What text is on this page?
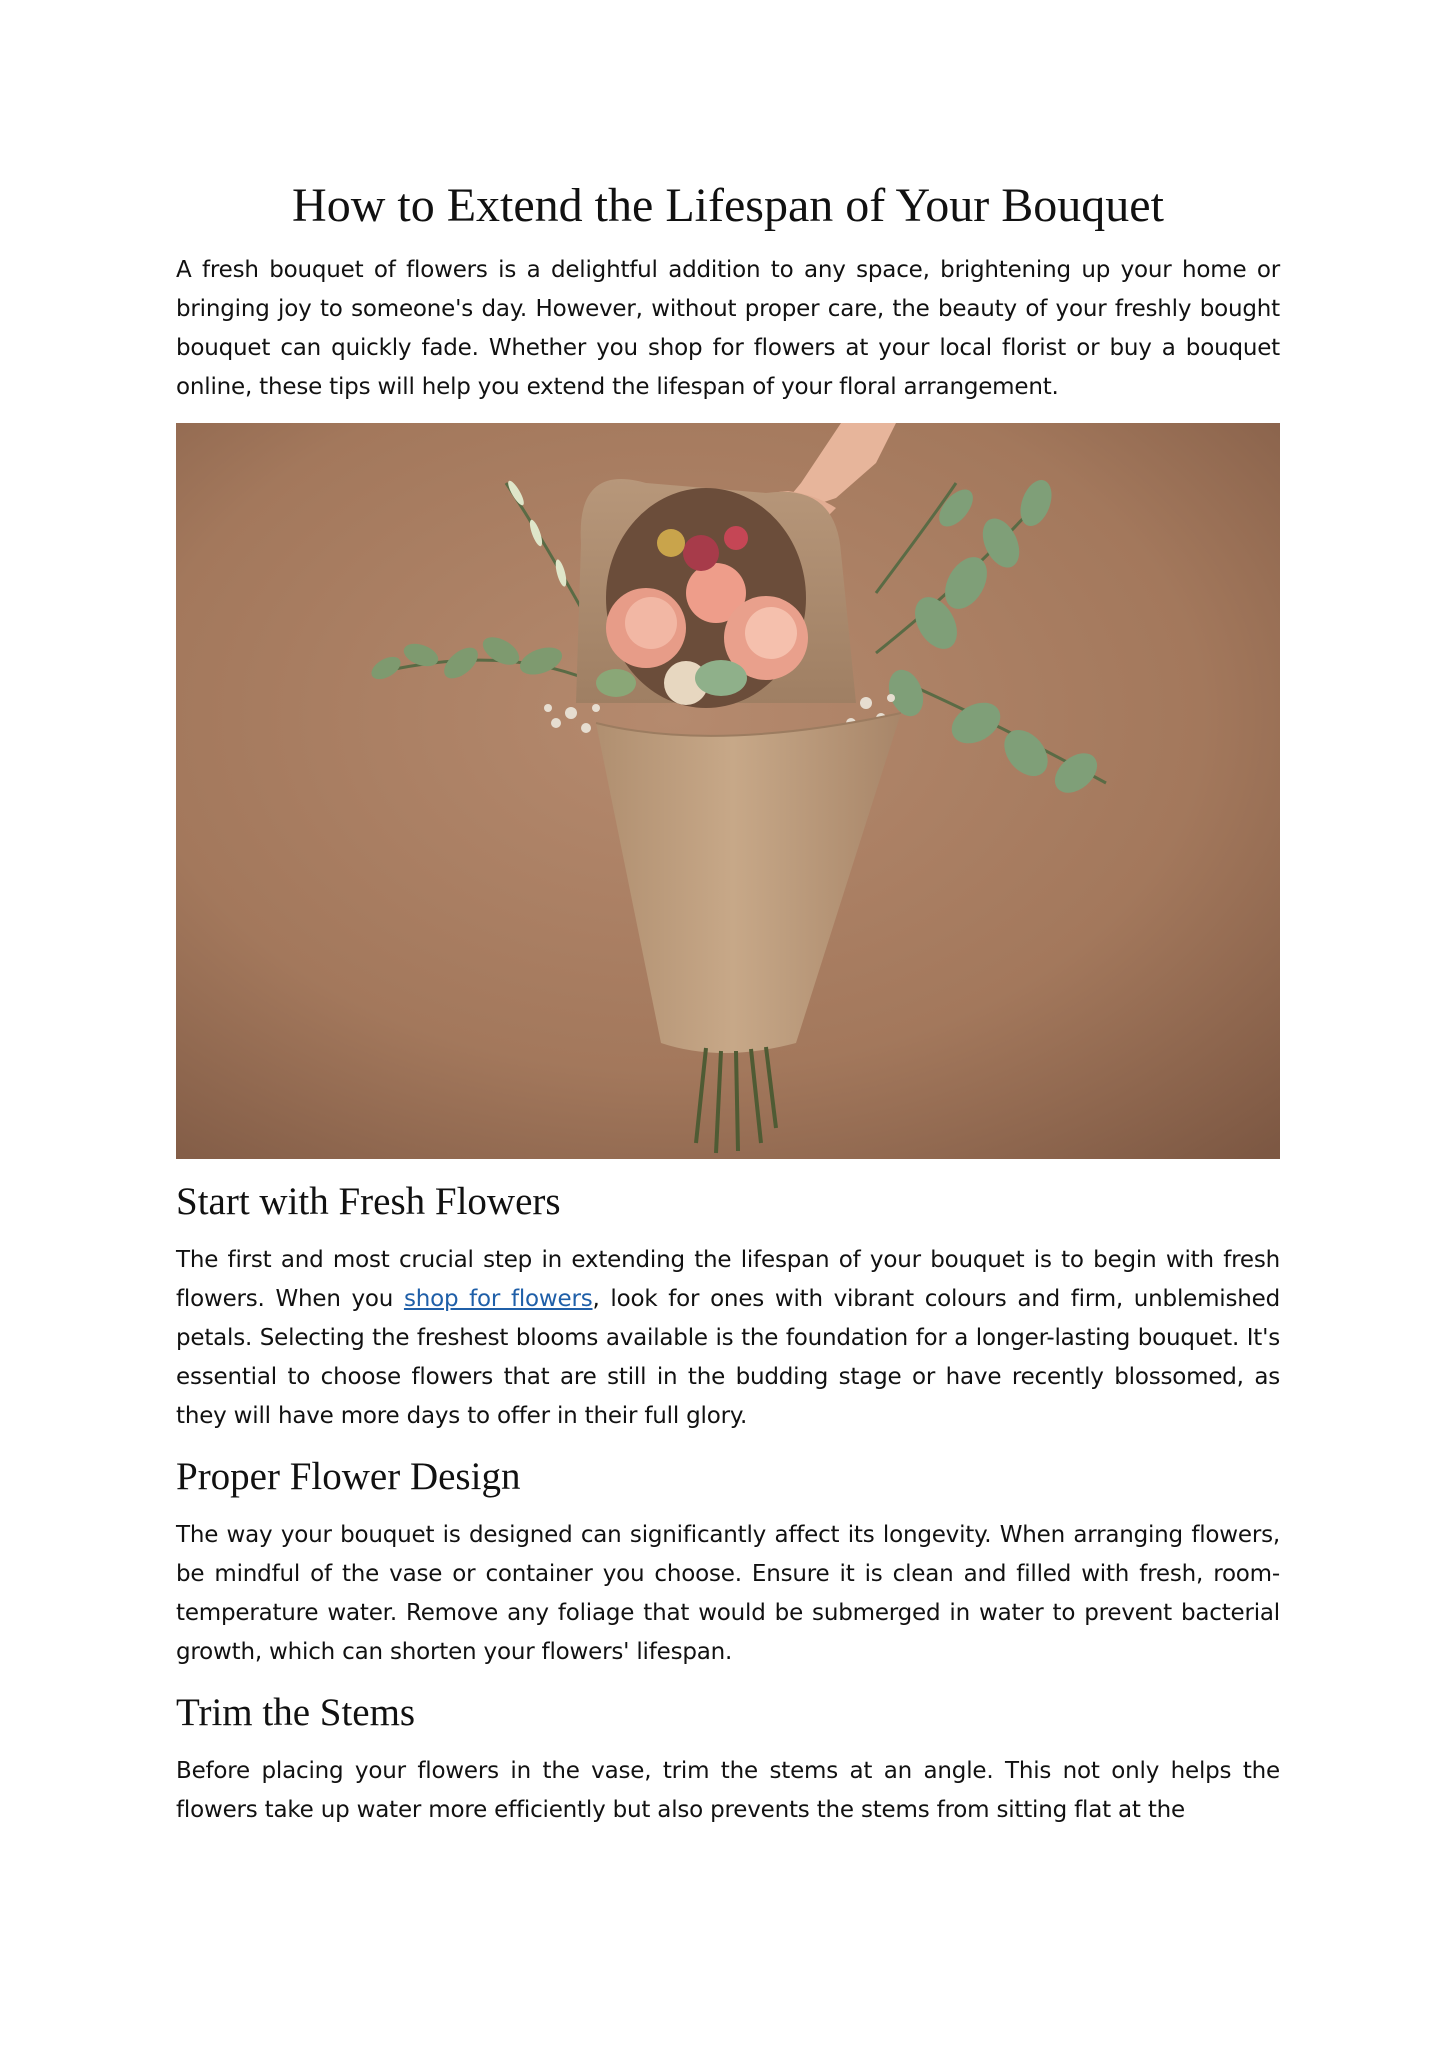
How to Extend the Lifespan of Your Bouquet

A fresh bouquet of flowers is a delightful addition to any space, brightening up your home or bringing joy to someone's day. However, without proper care, the beauty of your freshly bought bouquet can quickly fade. Whether you shop for flowers at your local florist or buy a bouquet online, these tips will help you extend the lifespan of your floral arrangement.

Start with Fresh Flowers

The first and most crucial step in extending the lifespan of your bouquet is to begin with fresh flowers. When you shop for flowers, look for ones with vibrant colours and firm, unblemished petals. Selecting the freshest blooms available is the foundation for a longer-lasting bouquet. It's essential to choose flowers that are still in the budding stage or have recently blossomed, as they will have more days to offer in their full glory.

Proper Flower Design

The way your bouquet is designed can significantly affect its longevity. When arranging flowers, be mindful of the vase or container you choose. Ensure it is clean and filled with fresh, room-temperature water. Remove any foliage that would be submerged in water to prevent bacterial growth, which can shorten your flowers' lifespan.

Trim the Stems

Before placing your flowers in the vase, trim the stems at an angle. This not only helps the flowers take up water more efficiently but also prevents the stems from sitting flat at the
